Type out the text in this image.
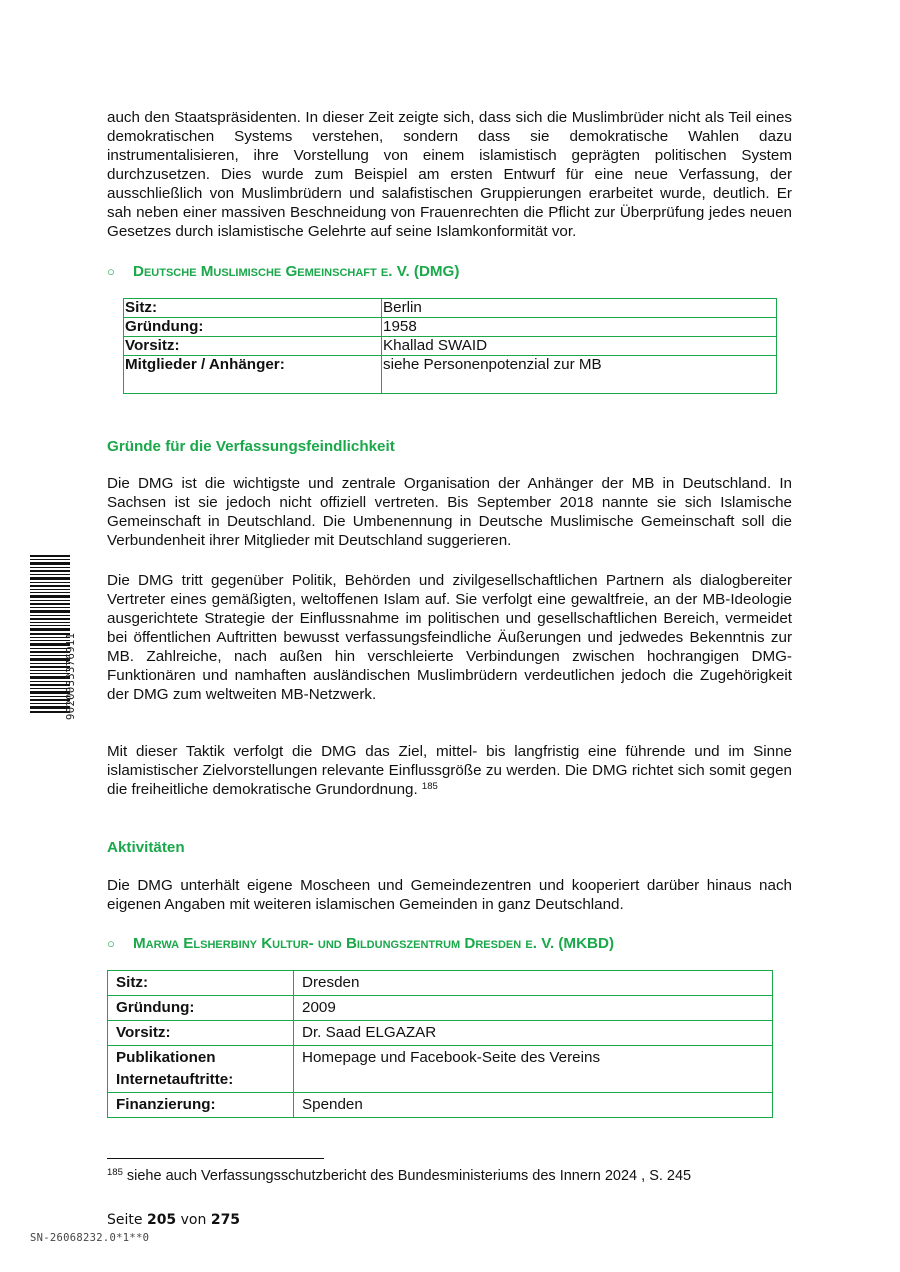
9020033376911

auch den Staatspräsidenten. In dieser Zeit zeigte sich, dass sich die Muslimbrüder nicht als Teil eines demokratischen Systems verstehen, sondern dass sie demokratische Wahlen dazu instrumentalisieren, ihre Vorstellung von einem islamistisch geprägten politischen System durchzusetzen. Dies wurde zum Beispiel am ersten Entwurf für eine neue Verfassung, der ausschließlich von Muslimbrüdern und salafistischen Gruppierungen erarbeitet wurde, deutlich. Er sah neben einer massiven Beschneidung von Frauenrechten die Pflicht zur Überprüfung jedes neuen Gesetzes durch islamistische Gelehrte auf seine Islamkonformität vor.

○ Deutsche Muslimische Gemeinschaft e. V. (DMG)
Sitz:	Berlin
Gründung:	1958
Vorsitz:	Khallad SWAID
Mitglieder / Anhänger:	siehe Personenpotenzial zur MB
Gründe für die Verfassungsfeindlichkeit

Die DMG ist die wichtigste und zentrale Organisation der Anhänger der MB in Deutschland. In Sachsen ist sie jedoch nicht offiziell vertreten. Bis September 2018 nannte sie sich Islamische Gemeinschaft in Deutschland. Die Umbenennung in Deutsche Muslimische Gemeinschaft soll die Verbundenheit ihrer Mitglieder mit Deutschland suggerieren.

Die DMG tritt gegenüber Politik, Behörden und zivilgesellschaftlichen Partnern als dialogbereiter Vertreter eines gemäßigten, weltoffenen Islam auf. Sie verfolgt eine gewaltfreie, an der MB-Ideologie ausgerichtete Strategie der Einflussnahme im politischen und gesellschaftlichen Bereich, vermeidet bei öffentlichen Auftritten bewusst verfassungsfeindliche Äußerungen und jedwedes Bekenntnis zur MB. Zahlreiche, nach außen hin verschleierte Verbindungen zwischen hochrangigen DMG-Funktionären und namhaften ausländischen Muslimbrüdern verdeutlichen jedoch die Zugehörigkeit der DMG zum weltweiten MB-Netzwerk.

Mit dieser Taktik verfolgt die DMG das Ziel, mittel- bis langfristig eine führende und im Sinne islamistischer Zielvorstellungen relevante Einflussgröße zu werden. Die DMG richtet sich somit gegen die freiheitliche demokratische Grundordnung. $^{185}$

Aktivitäten

Die DMG unterhält eigene Moscheen und Gemeindezentren und kooperiert darüber hinaus nach eigenen Angaben mit weiteren islamischen Gemeinden in ganz Deutschland.

○ Marwa Elsherbiny Kultur- und Bildungszentrum Dresden e. V. (MKBD)
Sitz:	Dresden
Gründung:	2009
Vorsitz:	Dr. Saad ELGAZAR
Publikationen Internetauftritte:	Homepage und Facebook-Seite des Vereins
Finanzierung:	Spenden
$^{185}$ siehe auch Verfassungsschutzbericht des Bundesministeriums des Innern 2024 , S. 245
Seite 205 von 275
SN-26068232.0*1**0
